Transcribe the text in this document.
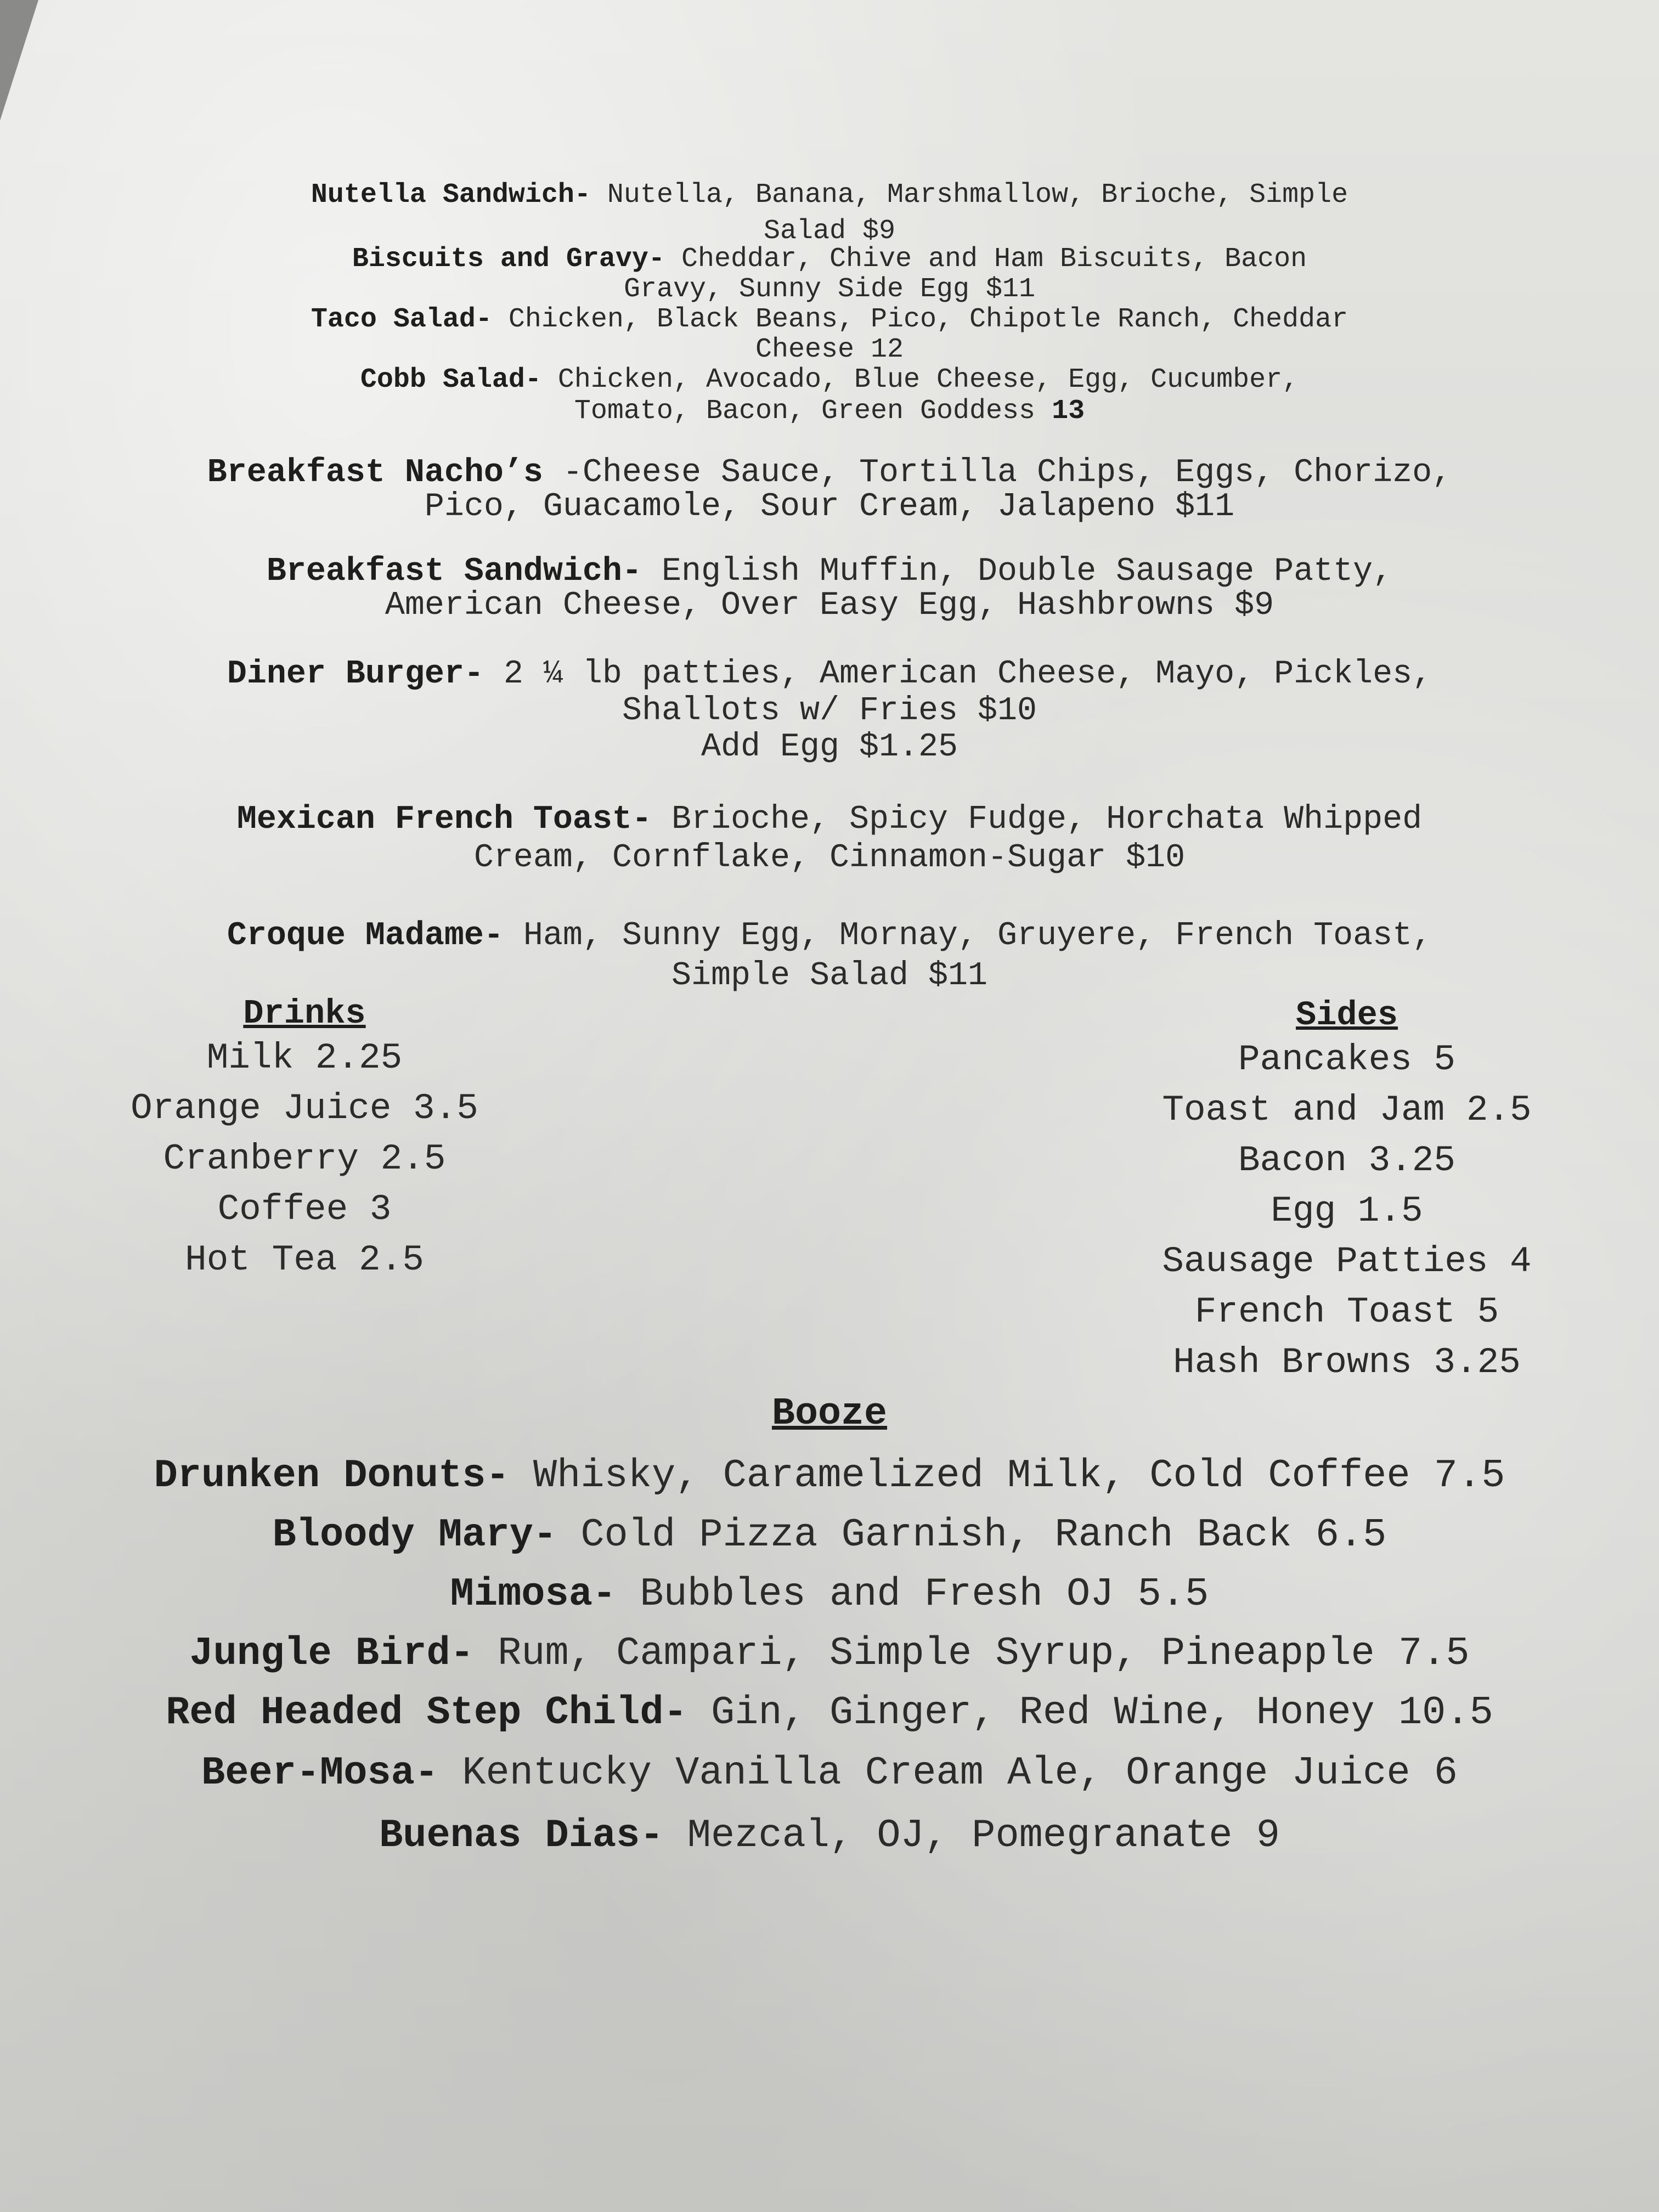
Nutella Sandwich- Nutella, Banana, Marshmallow, Brioche, Simple
Salad $9
Biscuits and Gravy- Cheddar, Chive and Ham Biscuits, Bacon
Gravy, Sunny Side Egg $11
Taco Salad- Chicken, Black Beans, Pico, Chipotle Ranch, Cheddar
Cheese 12
Cobb Salad- Chicken, Avocado, Blue Cheese, Egg, Cucumber,
Tomato, Bacon, Green Goddess 13
Breakfast Nacho’s -Cheese Sauce, Tortilla Chips, Eggs, Chorizo,
Pico, Guacamole, Sour Cream, Jalapeno $11
Breakfast Sandwich- English Muffin, Double Sausage Patty,
American Cheese, Over Easy Egg, Hashbrowns $9
Diner Burger- 2 ¼ lb patties, American Cheese, Mayo, Pickles,
Shallots w/ Fries $10
Add Egg $1.25
Mexican French Toast- Brioche, Spicy Fudge, Horchata Whipped
Cream, Cornflake, Cinnamon-Sugar $10
Croque Madame- Ham, Sunny Egg, Mornay, Gruyere, French Toast,
Simple Salad $11
Drinks
Milk 2.25
Orange Juice 3.5
Cranberry 2.5
Coffee 3
Hot Tea 2.5
Sides
Pancakes 5
Toast and Jam 2.5
Bacon 3.25
Egg 1.5
Sausage Patties 4
French Toast 5
Hash Browns 3.25
Booze
Drunken Donuts- Whisky, Caramelized Milk, Cold Coffee 7.5
Bloody Mary- Cold Pizza Garnish, Ranch Back 6.5
Mimosa- Bubbles and Fresh OJ 5.5
Jungle Bird- Rum, Campari, Simple Syrup, Pineapple 7.5
Red Headed Step Child- Gin, Ginger, Red Wine, Honey 10.5
Beer-Mosa- Kentucky Vanilla Cream Ale, Orange Juice 6
Buenas Dias- Mezcal, OJ, Pomegranate 9
